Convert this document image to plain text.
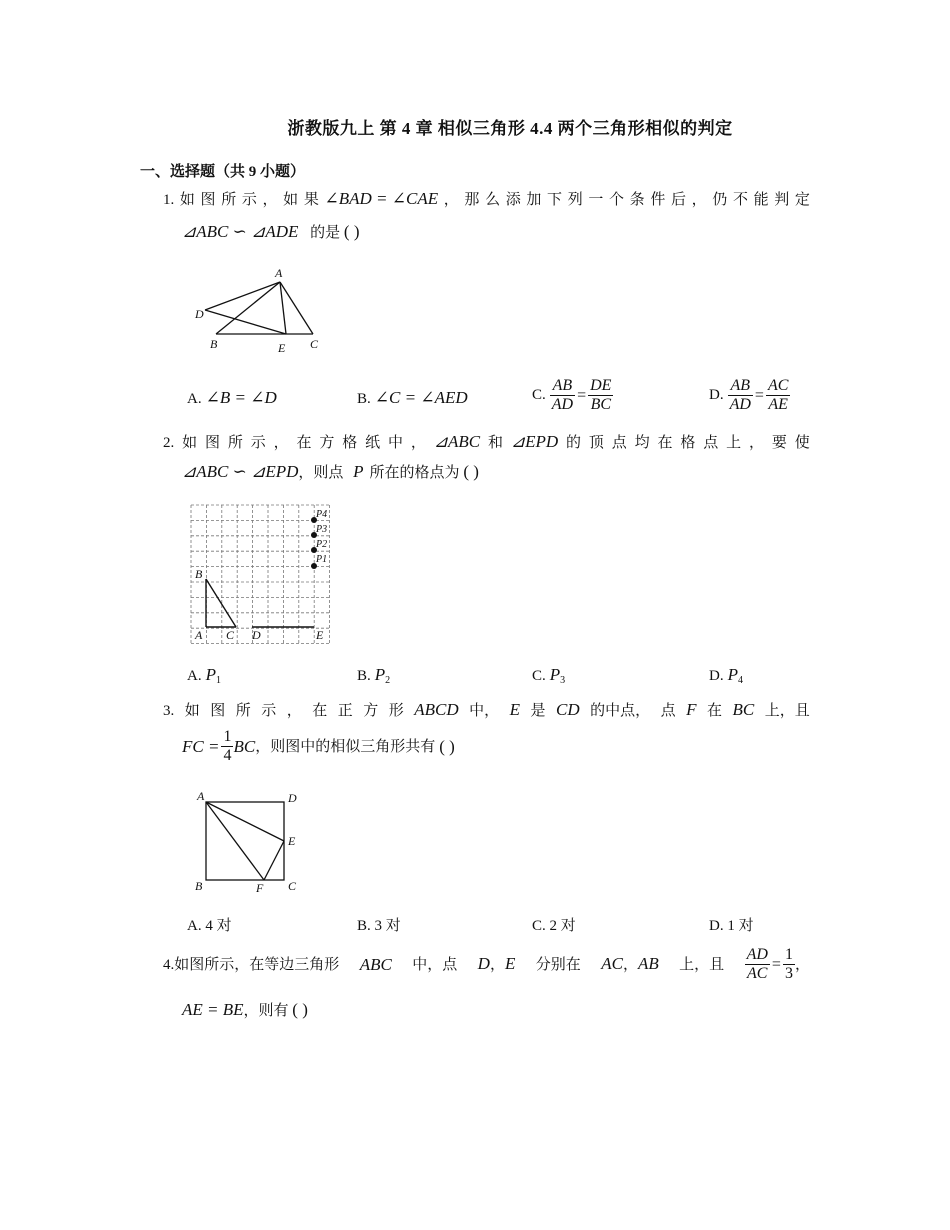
浙教版九上 第 4 章 相似三角形 4.4 两个三角形相似的判定
一、选择题（共 9 小题）
1. 如 图 所 示 ， 如 果 ∠BAD = ∠CAE ， 那 么 添 加 下 列 一 个 条 件 后 ， 仍 不 能 判 定
⊿ABC ∽ ⊿ADE 的是 ( )
A
D
B	E C
A. ∠B = ∠D	B. ∠C = ∠AED	C. $\frac{AB}{AD} = \frac{DE}{BC}$	D. $\frac{AB}{AD} = \frac{AC}{AE}$
2. 如 图 所 示 ， 在 方 格 纸 中 ， ⊿ABC 和 ⊿EPD 的 顶 点 均 在 格 点 上 ， 要 使
⊿ABC ∽ ⊿EPD，则点 P 所在的格点为 ( )
P4
P3
P2
P1
B
A C D	E
A. $P_1$	B. $P_2$	C. $P_3$	D. $P_4$
3. 如 图 所 示 ， 在 正 方 形 ABCD 中， E 是 CD 的中点， 点 F 在 BC 上，且
FC = $\frac{1}{4}$ BC ，则图中的相似三角形共有 ( )
A	D
E
B	F C
A. 4 对	B. 3 对	C. 2 对	D. 1 对
4.如图所示，在等边三角形 ABC 中，点 D，E 分别在 AC，AB 上，且 $\frac{AD}{AC} = \frac{1}{3}$ ，
AE = BE，则有 ( )
